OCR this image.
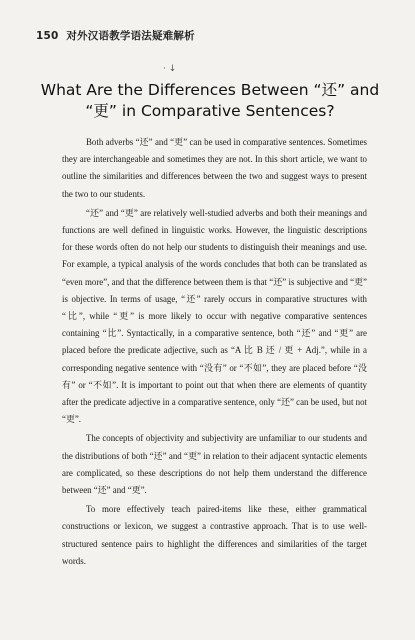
150 对外汉语教学语法疑难解析
· ↓
What Are the Differences Between “还” and
“更” in Comparative Sentences?

Both adverbs “还” and “更” can be used in comparative sentences. Sometimes they are interchangeable and sometimes they are not. In this short article, we want to outline the similarities and differences between the two and suggest ways to present the two to our students.

“还” and “更” are relatively well-studied adverbs and both their meanings and functions are well defined in linguistic works. However, the linguistic descriptions for these words often do not help our students to distinguish their meanings and use. For example, a typical analysis of the words concludes that both can be translated as “even more”, and that the difference between them is that “还” is subjective and “更” is objective. In terms of usage, “还” rarely occurs in comparative structures with “比”, while “更” is more likely to occur with negative comparative sentences containing “比”. Syntactically, in a comparative sentence, both “还” and “更” are placed before the predicate adjective, such as “A 比 B 还 / 更 + Adj.”, while in a corresponding negative sentence with “没有” or “不如”, they are placed before “没有” or “不如”. It is important to point out that when there are elements of quantity after the predicate adjective in a comparative sentence, only “还” can be used, but not “更”.

The concepts of objectivity and subjectivity are unfamiliar to our students and the distributions of both “还” and “更” in relation to their adjacent syntactic elements are complicated, so these descriptions do not help them understand the difference between “还” and “更”.

To more effectively teach paired-items like these, either grammatical constructions or lexicon, we suggest a contrastive approach. That is to use well-structured sentence pairs to highlight the differences and similarities of the target words.
